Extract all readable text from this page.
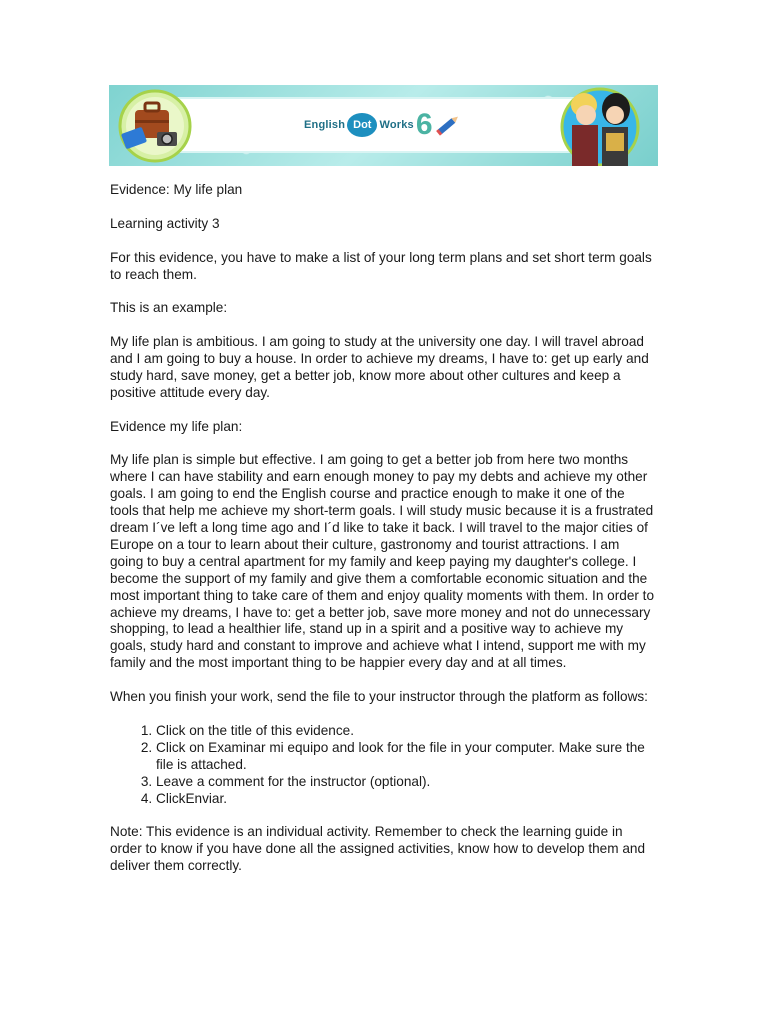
English Dot Works 6

Evidence: My life plan

Learning activity 3

For this evidence, you have to make a list of your long term plans and set short term goals to reach them.

This is an example:

My life plan is ambitious. I am going to study at the university one day. I will travel abroad and I am going to buy a house. In order to achieve my dreams, I have to: get up early and study hard, save money, get a better job, know more about other cultures and keep a positive attitude every day.

Evidence my life plan:

My life plan is simple but effective. I am going to get a better job from here two months where I can have stability and earn enough money to pay my debts and achieve my other goals. I am going to end the English course and practice enough to make it one of the tools that help me achieve my short-term goals. I will study music because it is a frustrated dream I´ve left a long time ago and I´d like to take it back. I will travel to the major cities of Europe on a tour to learn about their culture, gastronomy and tourist attractions. I am going to buy a central apartment for my family and keep paying my daughter's college. I become the support of my family and give them a comfortable economic situation and the most important thing to take care of them and enjoy quality moments with them. In order to achieve my dreams, I have to: get a better job, save more money and not do unnecessary shopping, to lead a healthier life, stand up in a spirit and a positive way to achieve my goals, study hard and constant to improve and achieve what I intend, support me with my family and the most important thing to be happier every day and at all times.

When you finish your work, send the file to your instructor through the platform as follows:

1. Click on the title of this evidence.
2. Click on Examinar mi equipo and look for the file in your computer. Make sure the file is attached.
3. Leave a comment for the instructor (optional).
4. ClickEnviar.

Note: This evidence is an individual activity. Remember to check the learning guide in order to know if you have done all the assigned activities, know how to develop them and deliver them correctly.
